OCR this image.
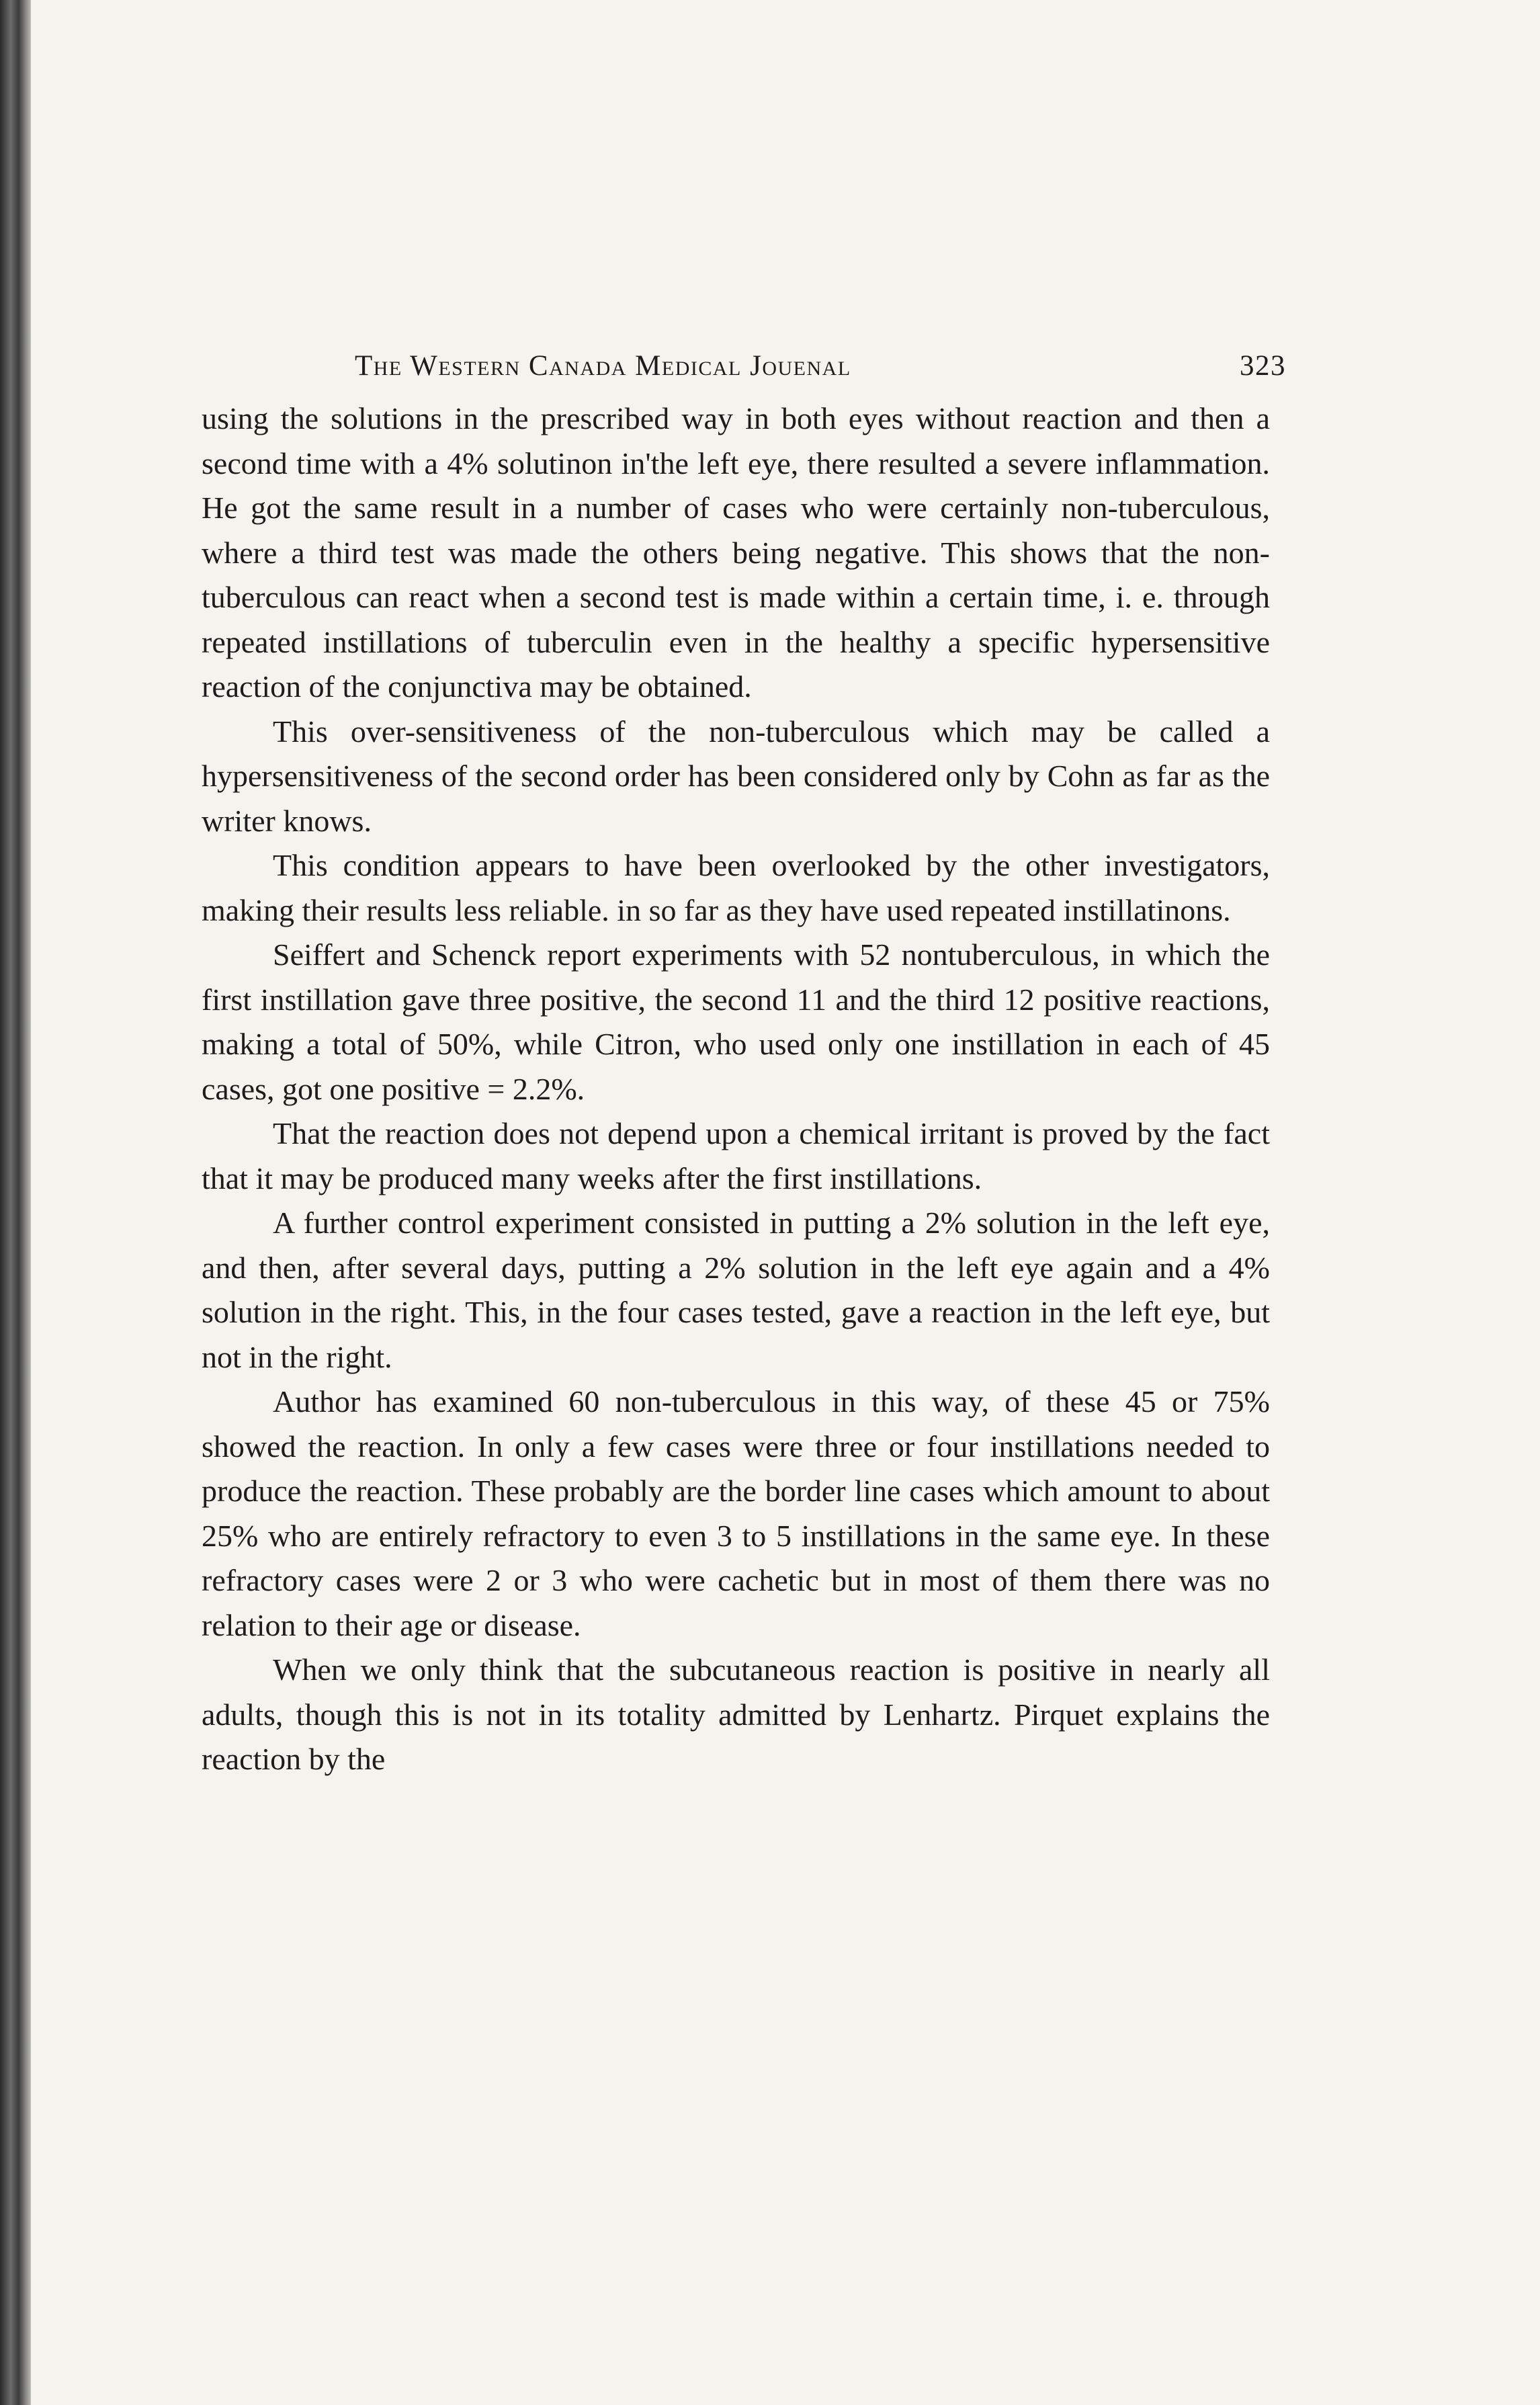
The Western Canada Medical Jouenal	323

using the solutions in the prescribed way in both eyes without reaction and then a second time with a 4% solutinon in'the left eye, there resulted a severe inflammation. He got the same result in a number of cases who were certainly non-tuberculous, where a third test was made the others being negative. This shows that the non-tuberculous can react when a second test is made within a certain time, i. e. through repeated instillations of tuberculin even in the healthy a specific hypersensitive reaction of the conjunctiva may be obtained.

This over-sensitiveness of the non-tuberculous which may be called a hypersensitiveness of the second order has been considered only by Cohn as far as the writer knows.

This condition appears to have been overlooked by the other investigators, making their results less reliable. in so far as they have used repeated instillatinons.

Seiffert and Schenck report experiments with 52 nontuberculous, in which the first instillation gave three positive, the second 11 and the third 12 positive reactions, making a total of 50%, while Citron, who used only one instillation in each of 45 cases, got one positive = 2.2%.

That the reaction does not depend upon a chemical irritant is proved by the fact that it may be produced many weeks after the first instillations.

A further control experiment consisted in putting a 2% solution in the left eye, and then, after several days, putting a 2% solution in the left eye again and a 4% solution in the right. This, in the four cases tested, gave a reaction in the left eye, but not in the right.

Author has examined 60 non-tuberculous in this way, of these 45 or 75% showed the reaction. In only a few cases were three or four instillations needed to produce the reaction. These probably are the border line cases which amount to about 25% who are entirely refractory to even 3 to 5 instillations in the same eye. In these refractory cases were 2 or 3 who were cachetic but in most of them there was no relation to their age or disease.

When we only think that the subcutaneous reaction is positive in nearly all adults, though this is not in its totality admitted by Lenhartz. Pirquet explains the reaction by the
